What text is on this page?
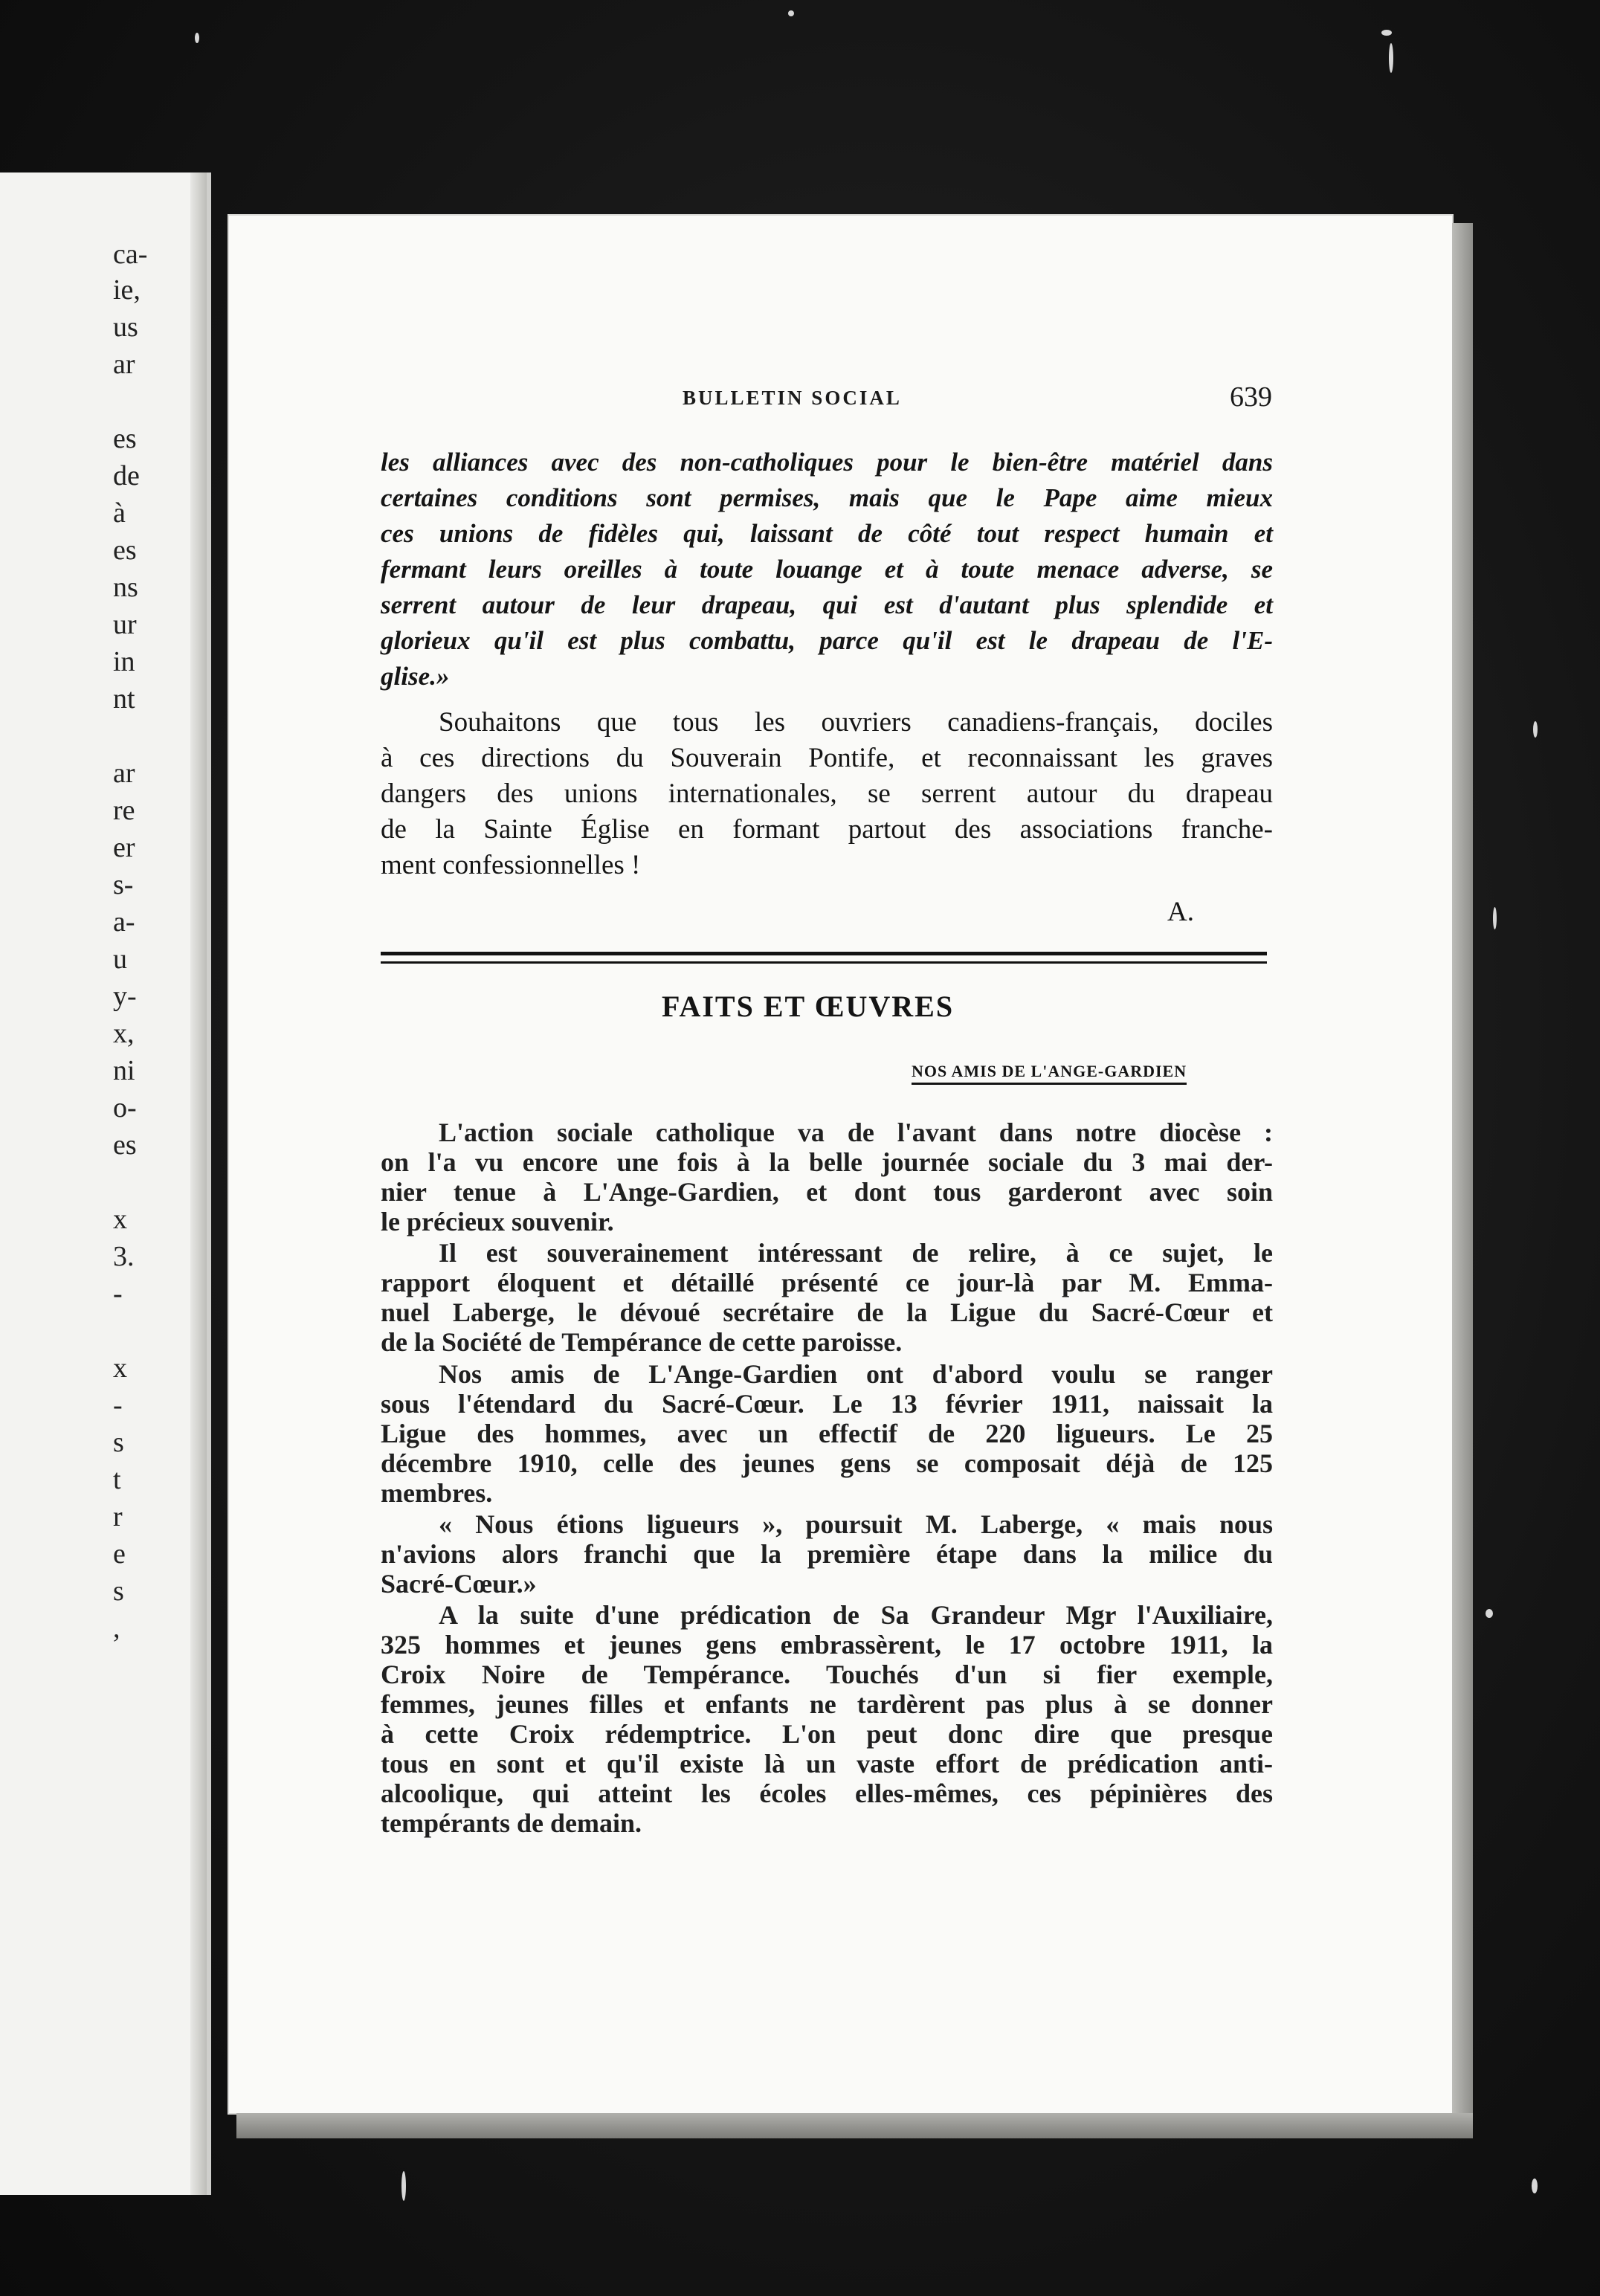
ca-
ie,
us
ar
es
de
à
es
ns
ur
in
nt
ar
re
er
s-
a-
u
y-
x,
ni
o-
es
x
3.
-
x
-
s
t
r
e
s
,
BULLETIN SOCIAL	639
les alliances avec des non-catholiques pour le bien-être matériel dans
certaines conditions sont permises, mais que le Pape aime mieux
ces unions de fidèles qui, laissant de côté tout respect humain et
fermant leurs oreilles à toute louange et à toute menace adverse, se
serrent autour de leur drapeau, qui est d'autant plus splendide et
glorieux qu'il est plus combattu, parce qu'il est le drapeau de l'E-
glise.»
Souhaitons que tous les ouvriers canadiens-français, dociles
à ces directions du Souverain Pontife, et reconnaissant les graves
dangers des unions internationales, se serrent autour du drapeau
de la Sainte Église en formant partout des associations franche-
ment confessionnelles !
A.
FAITS ET ŒUVRES
NOS AMIS DE L'ANGE-GARDIEN
L'action sociale catholique va de l'avant dans notre diocèse :
on l'a vu encore une fois à la belle journée sociale du 3 mai der-
nier tenue à L'Ange-Gardien, et dont tous garderont avec soin
le précieux souvenir.
Il est souverainement intéressant de relire, à ce sujet, le
rapport éloquent et détaillé présenté ce jour-là par M. Emma-
nuel Laberge, le dévoué secrétaire de la Ligue du Sacré-Cœur et
de la Société de Tempérance de cette paroisse.
Nos amis de L'Ange-Gardien ont d'abord voulu se ranger
sous l'étendard du Sacré-Cœur. Le 13 février 1911, naissait la
Ligue des hommes, avec un effectif de 220 ligueurs. Le 25
décembre 1910, celle des jeunes gens se composait déjà de 125
membres.
« Nous étions ligueurs », poursuit M. Laberge, « mais nous
n'avions alors franchi que la première étape dans la milice du
Sacré-Cœur.»
A la suite d'une prédication de Sa Grandeur Mgr l'Auxiliaire,
325 hommes et jeunes gens embrassèrent, le 17 octobre 1911, la
Croix Noire de Tempérance. Touchés d'un si fier exemple,
femmes, jeunes filles et enfants ne tardèrent pas plus à se donner
à cette Croix rédemptrice. L'on peut donc dire que presque
tous en sont et qu'il existe là un vaste effort de prédication anti-
alcoolique, qui atteint les écoles elles-mêmes, ces pépinières des
tempérants de demain.
